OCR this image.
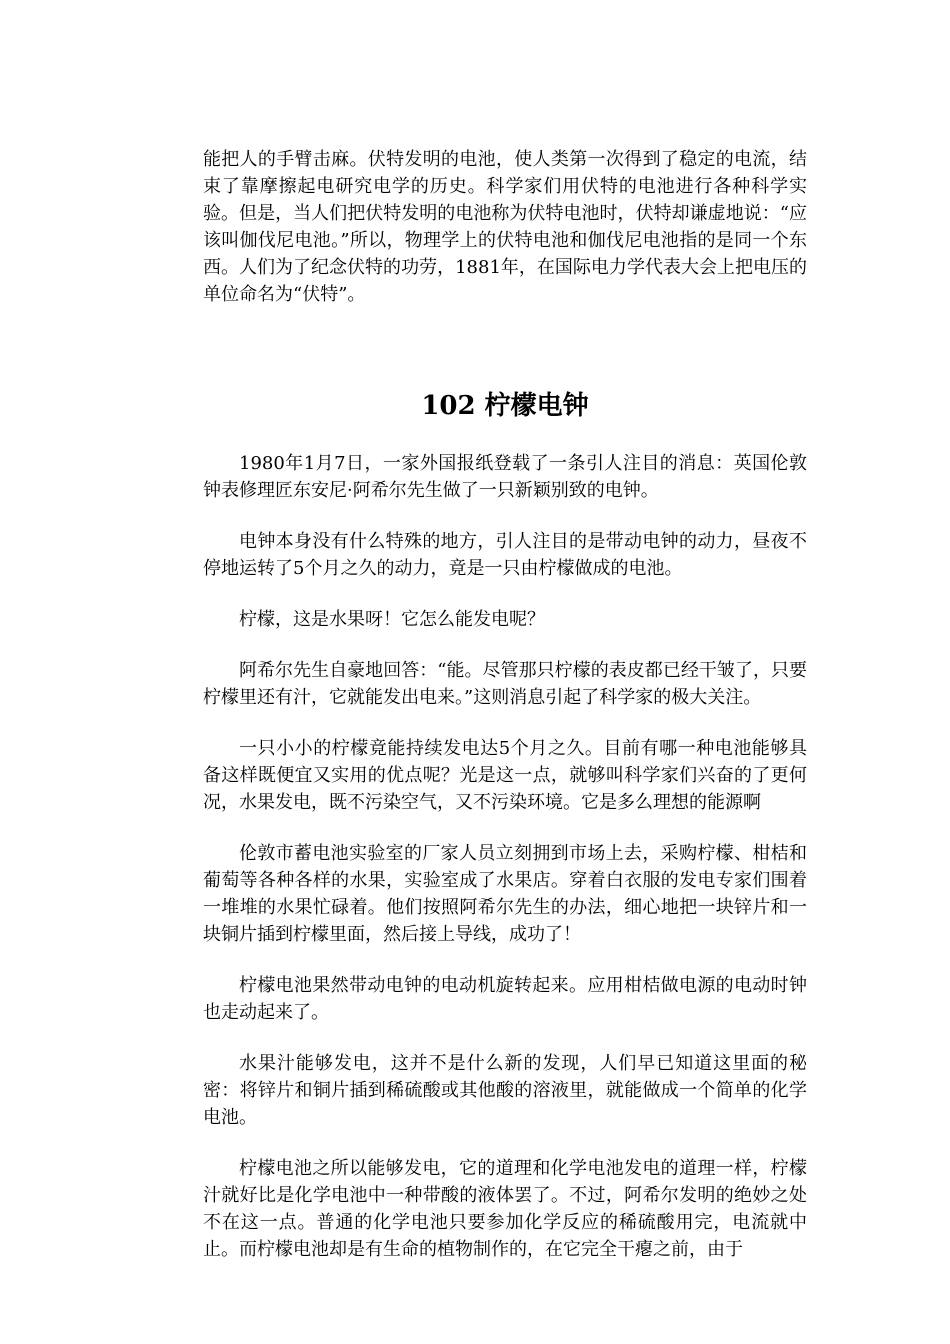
能把人的手臂击麻。伏特发明的电池，使人类第一次得到了稳定的电流，结束了靠摩擦起电研究电学的历史。科学家们用伏特的电池进行各种科学实验。但是，当人们把伏特发明的电池称为伏特电池时，伏特却谦虚地说：“应该叫伽伐尼电池。”所以，物理学上的伏特电池和伽伐尼电池指的是同一个东西。人们为了纪念伏特的功劳，1881年，在国际电力学代表大会上把电压的单位命名为“伏特”。

102 柠檬电钟

1980年1月7日，一家外国报纸登载了一条引人注目的消息：英国伦敦钟表修理匠东安尼·阿希尔先生做了一只新颖别致的电钟。

电钟本身没有什么特殊的地方，引人注目的是带动电钟的动力，昼夜不停地运转了5个月之久的动力，竟是一只由柠檬做成的电池。

柠檬，这是水果呀！它怎么能发电呢？

阿希尔先生自豪地回答：“能。尽管那只柠檬的表皮都已经干皱了，只要柠檬里还有汁，它就能发出电来。”这则消息引起了科学家的极大关注。

一只小小的柠檬竟能持续发电达5个月之久。目前有哪一种电池能够具备这样既便宜又实用的优点呢？光是这一点，就够叫科学家们兴奋的了更何况，水果发电，既不污染空气，又不污染环境。它是多么理想的能源啊

伦敦市蓄电池实验室的厂家人员立刻拥到市场上去，采购柠檬、柑桔和葡萄等各种各样的水果，实验室成了水果店。穿着白衣服的发电专家们围着一堆堆的水果忙碌着。他们按照阿希尔先生的办法，细心地把一块锌片和一块铜片插到柠檬里面，然后接上导线，成功了！

柠檬电池果然带动电钟的电动机旋转起来。应用柑桔做电源的电动时钟也走动起来了。

水果汁能够发电，这并不是什么新的发现，人们早已知道这里面的秘密：将锌片和铜片插到稀硫酸或其他酸的溶液里，就能做成一个简单的化学电池。

柠檬电池之所以能够发电，它的道理和化学电池发电的道理一样，柠檬汁就好比是化学电池中一种带酸的液体罢了。不过，阿希尔发明的绝妙之处不在这一点。普通的化学电池只要参加化学反应的稀硫酸用完，电流就中止。而柠檬电池却是有生命的植物制作的，在它完全干瘪之前，由于
